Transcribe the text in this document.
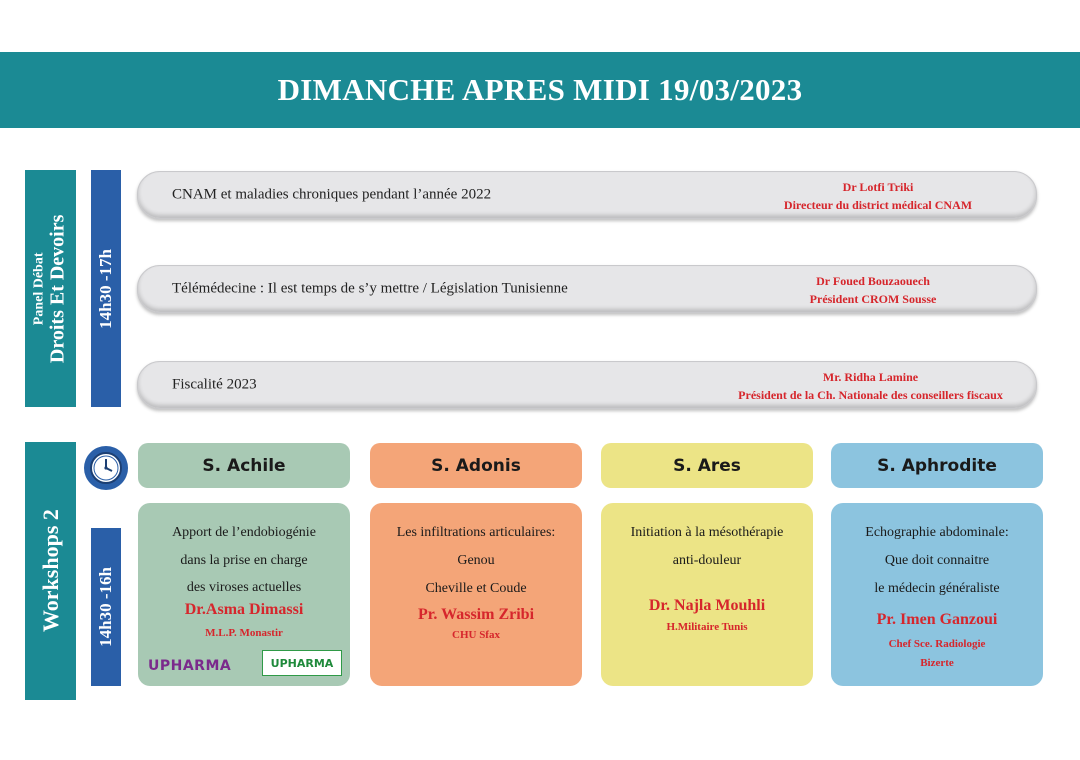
DIMANCHE APRES MIDI 19/03/2023
Panel Débat Droits Et Devoirs 14h30 -17h
CNAM et maladies chroniques pendant l’année 2022	Dr Lotfi Triki
Directeur du district médical CNAM
Télémédecine : Il est temps de s’y mettre / Législation Tunisienne	Dr Foued Bouzaouech
Président CROM Sousse
Fiscalité 2023	Mr. Ridha Lamine
Président de la Ch. Nationale des conseillers fiscaux
Workshops 2 14h30 -16h
S. Achile	S. Adonis	S. Ares	S. Aphrodite
Apport de l’endobiogénie
dans la prise en charge
des viroses actuelles
Dr.Asma Dimassi
M.L.P. Monastir
UPHARMA	UPHARMA
Les infiltrations articulaires:
Genou
Cheville et Coude
Pr. Wassim Zribi
CHU Sfax
Initiation à la mésothérapie
anti-douleur
Dr. Najla Mouhli
H.Militaire Tunis
Echographie abdominale:
Que doit connaitre
le médecin généraliste
Pr. Imen Ganzoui
Chef Sce. Radiologie
Bizerte
